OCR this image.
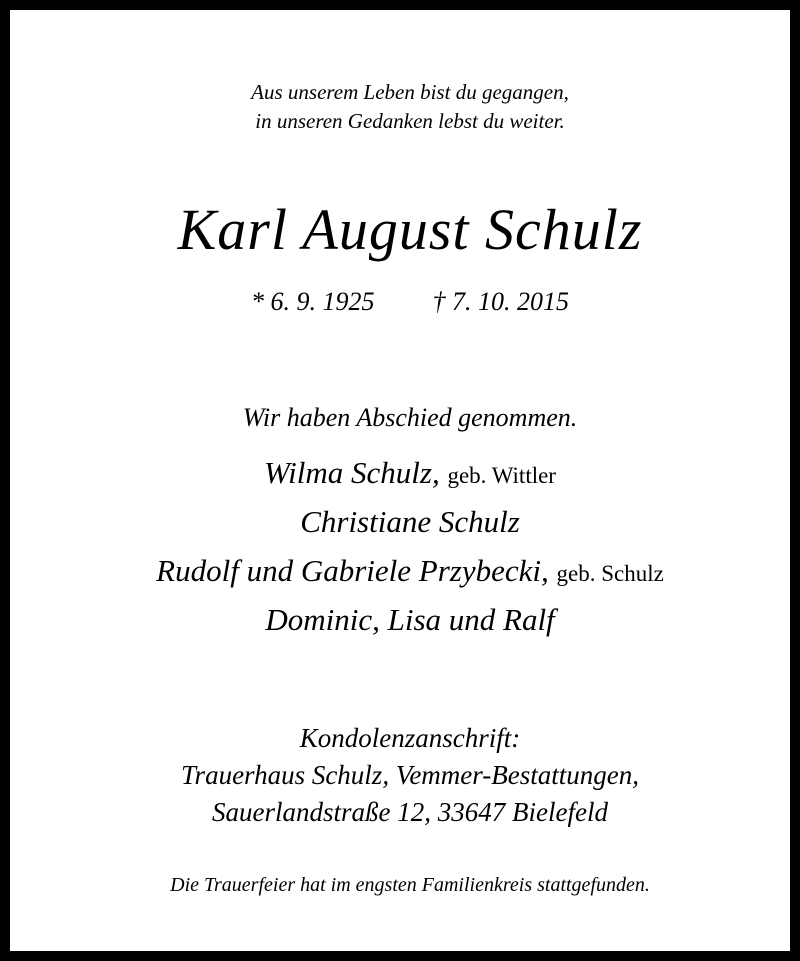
Aus unserem Leben bist du gegangen,
in unseren Gedanken lebst du weiter.
Karl August Schulz
* 6. 9. 1925 † 7. 10. 2015
Wir haben Abschied genommen.
Wilma Schulz, geb. Wittler
Christiane Schulz
Rudolf und Gabriele Przybecki, geb. Schulz
Dominic, Lisa und Ralf
Kondolenzanschrift:
Trauerhaus Schulz, Vemmer-Bestattungen,
Sauerlandstraße 12, 33647 Bielefeld
Die Trauerfeier hat im engsten Familienkreis stattgefunden.
